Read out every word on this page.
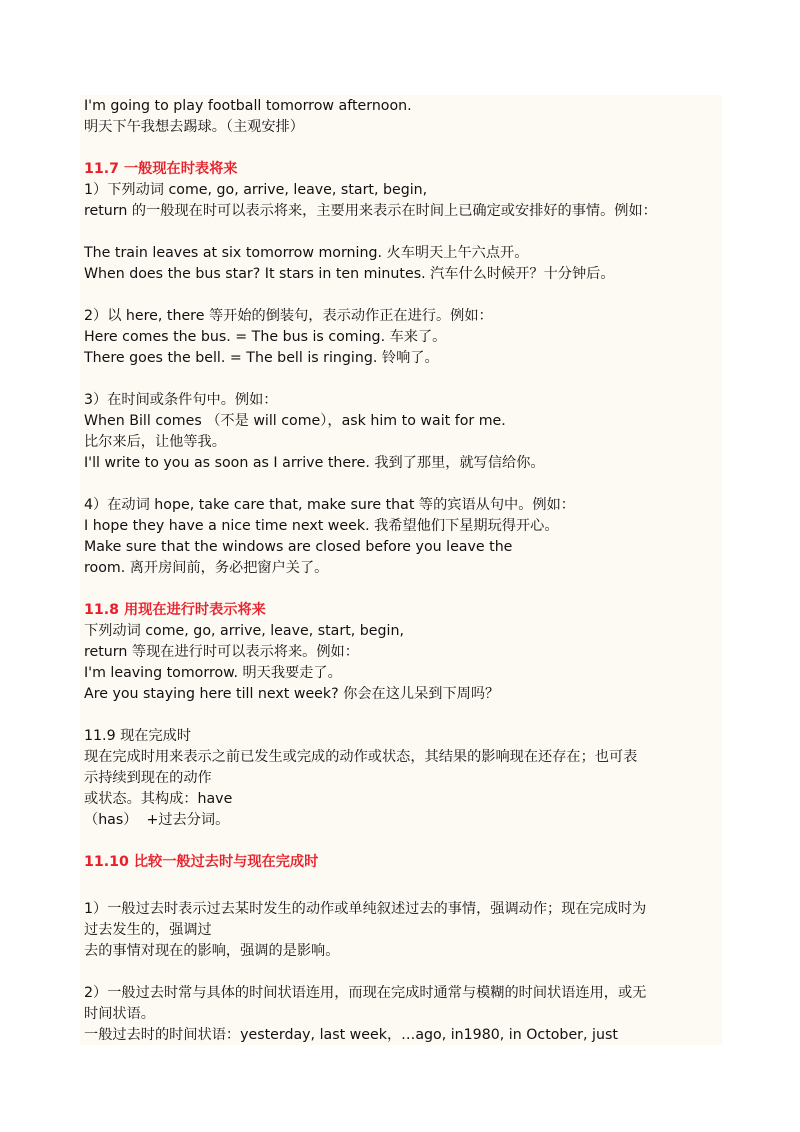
I'm going to play football tomorrow afternoon.

明天下午我想去踢球。（主观安排）

11.7 一般现在时表将来

1）下列动词 come, go, arrive, leave, start, begin,

return 的一般现在时可以表示将来，主要用来表示在时间上已确定或安排好的事情。例如：

The train leaves at six tomorrow morning. 火车明天上午六点开。

When does the bus star? It stars in ten minutes. 汽车什么时候开？十分钟后。

2）以 here, there 等开始的倒装句，表示动作正在进行。例如：

Here comes the bus. = The bus is coming. 车来了。

There goes the bell. = The bell is ringing. 铃响了。

3）在时间或条件句中。例如：

When Bill comes （不是 will come），ask him to wait for me.

比尔来后，让他等我。

I'll write to you as soon as I arrive there. 我到了那里，就写信给你。

4）在动词 hope, take care that, make sure that 等的宾语从句中。例如：

I hope they have a nice time next week. 我希望他们下星期玩得开心。

Make sure that the windows are closed before you leave the

room. 离开房间前，务必把窗户关了。

11.8 用现在进行时表示将来

下列动词 come, go, arrive, leave, start, begin,

return 等现在进行时可以表示将来。例如：

I'm leaving tomorrow. 明天我要走了。

Are you staying here till next week? 你会在这儿呆到下周吗？

11.9 现在完成时

现在完成时用来表示之前已发生或完成的动作或状态，其结果的影响现在还存在；也可表

示持续到现在的动作

或状态。其构成：have

（has）  +过去分词。

11.10 比较一般过去时与现在完成时

1）一般过去时表示过去某时发生的动作或单纯叙述过去的事情，强调动作；现在完成时为

过去发生的，强调过

去的事情对现在的影响，强调的是影响。

2）一般过去时常与具体的时间状语连用，而现在完成时通常与模糊的时间状语连用，或无

时间状语。

一般过去时的时间状语：yesterday, last week，…ago, in1980, in October, just
